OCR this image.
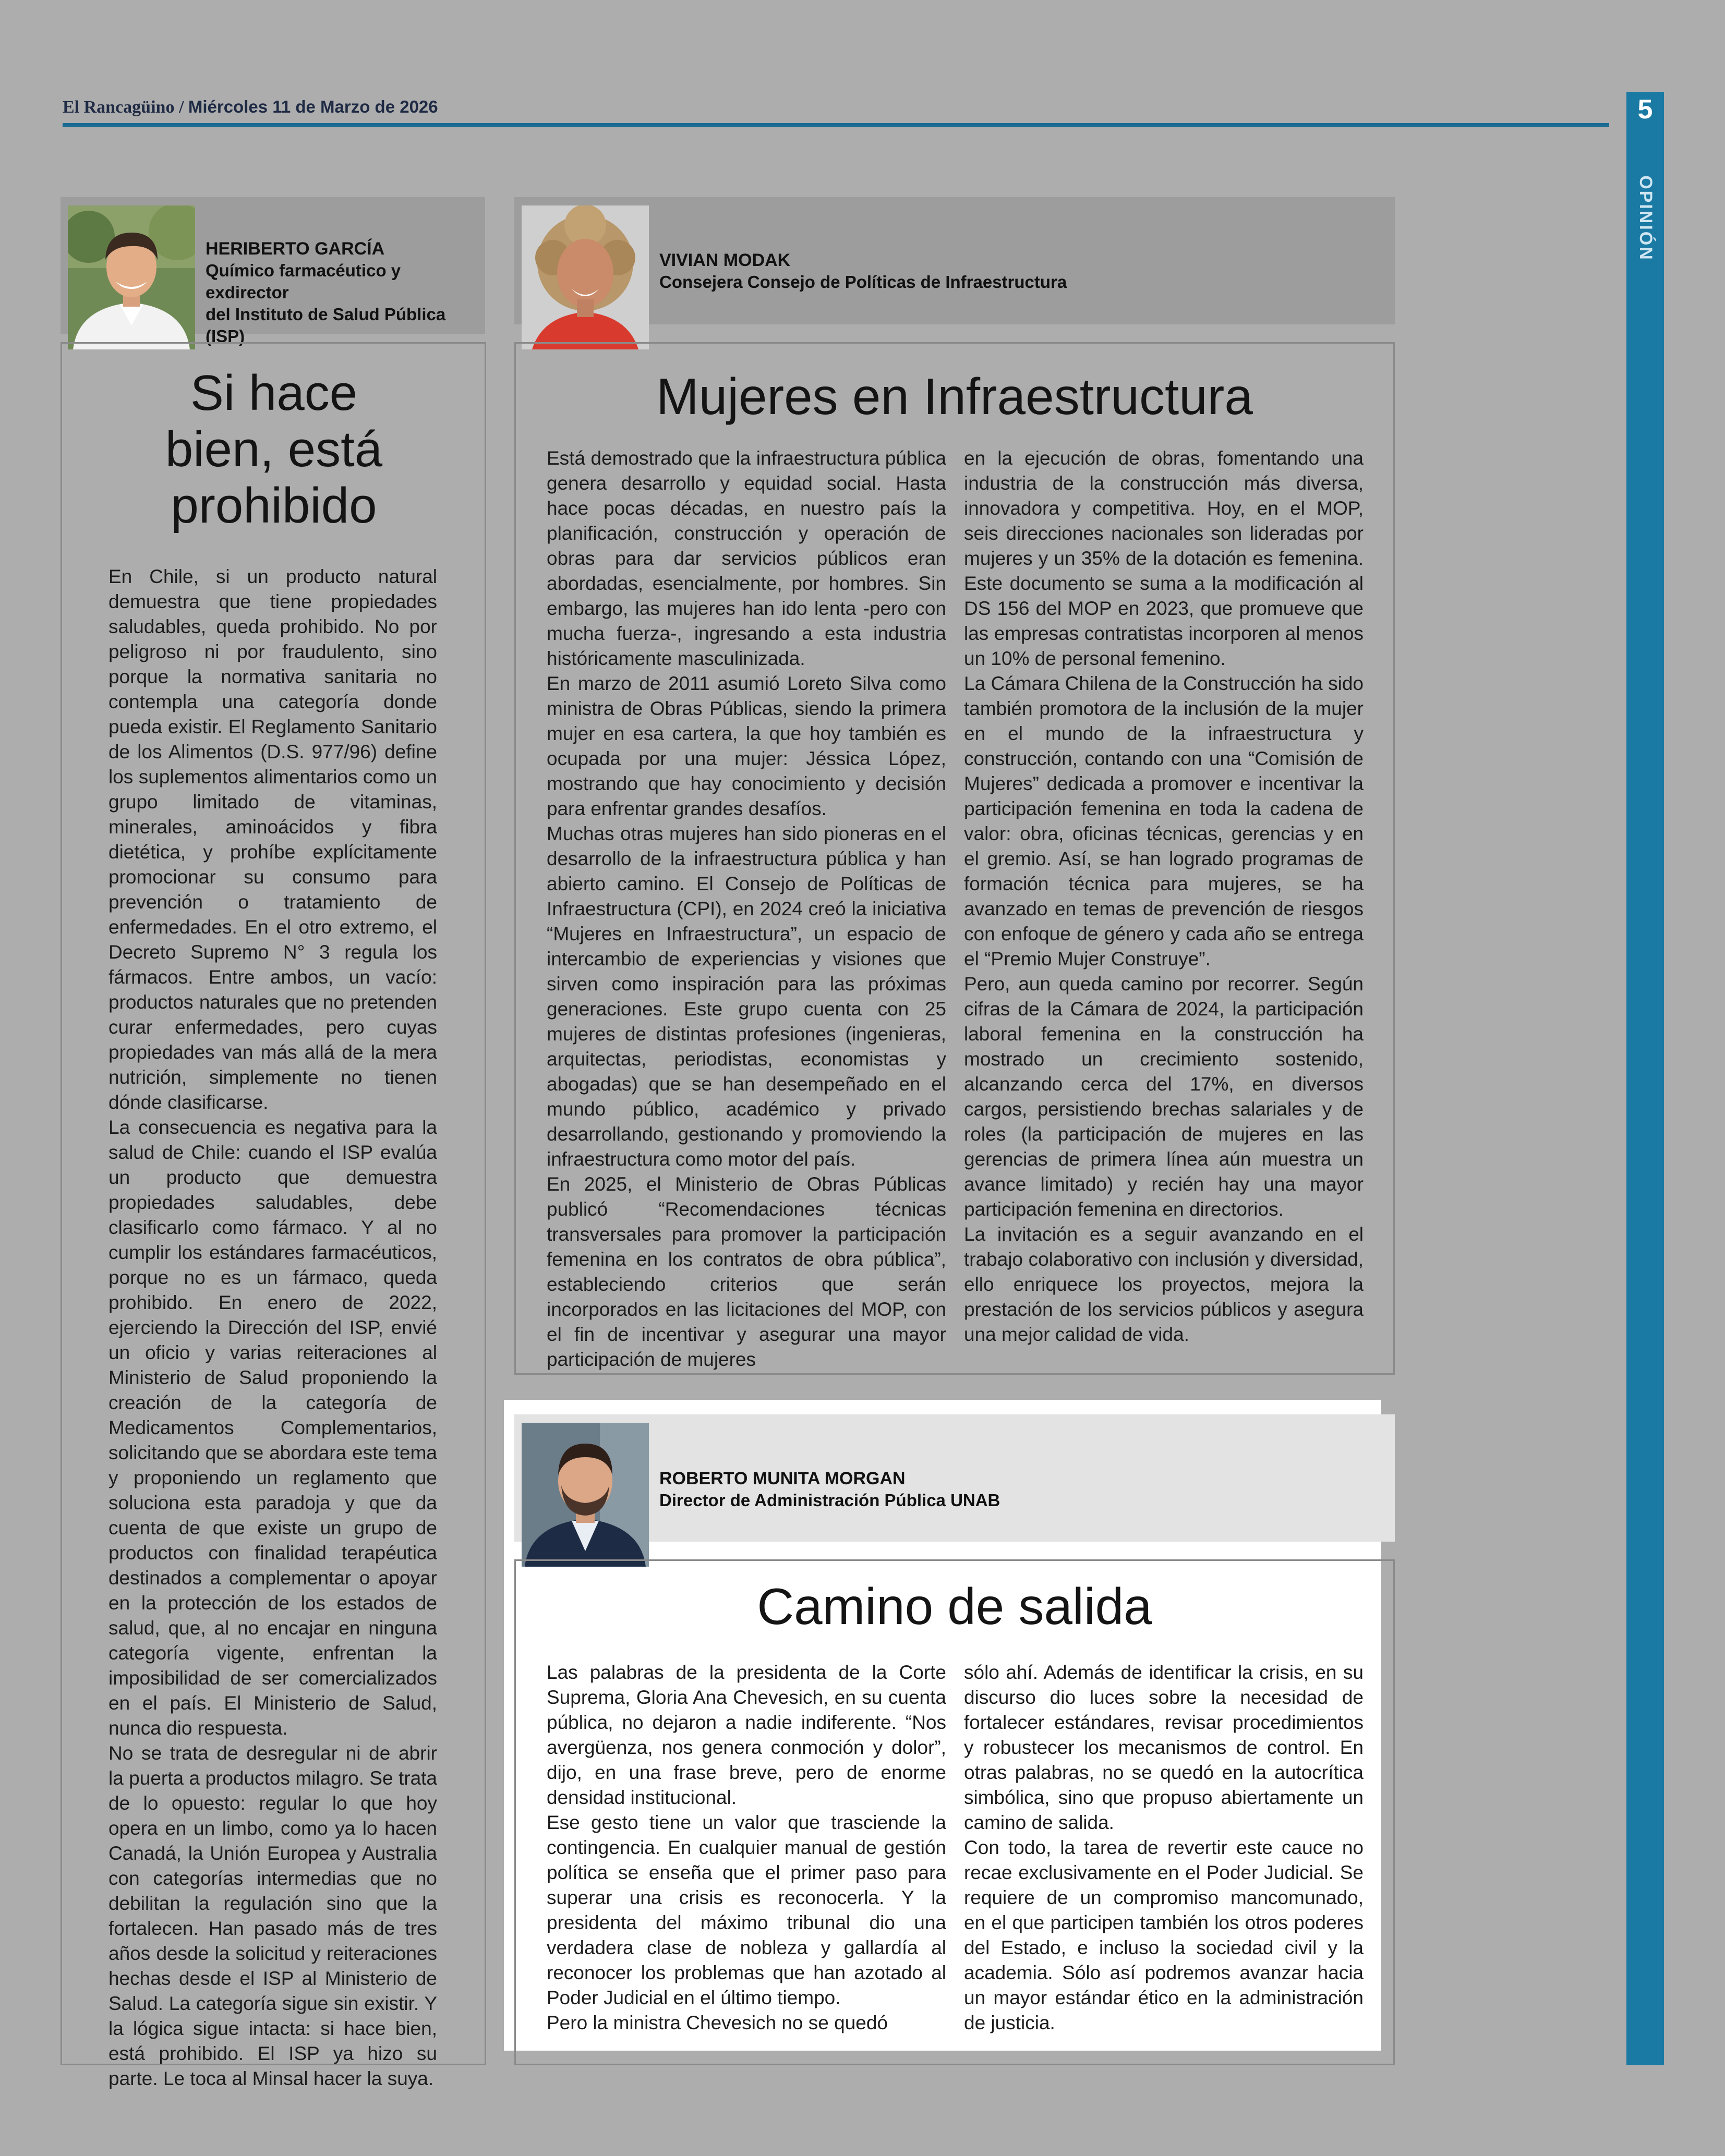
El Rancagüino / Miércoles 11 de Marzo de 2026	5
OPINIÓN
HERIBERTO GARCÍA
Químico farmacéutico y exdirector
del Instituto de Salud Pública (ISP)
Si hace
bien, está
prohibido

En Chile, si un producto natural demuestra que tiene propiedades saludables, queda prohibido. No por peligroso ni por fraudulento, sino porque la normativa sanitaria no contempla una categoría donde pueda existir. El Reglamento Sanitario de los Alimentos (D.S. 977/96) define los suplementos alimentarios como un grupo limitado de vitaminas, minerales, aminoácidos y fibra dietética, y prohíbe explícitamente promocionar su consumo para prevención o tratamiento de enfermedades. En el otro extremo, el Decreto Supremo N° 3 regula los fármacos. Entre ambos, un vacío: productos naturales que no pretenden curar enfermedades, pero cuyas propiedades van más allá de la mera nutrición, simplemente no tienen dónde clasificarse.

La consecuencia es negativa para la salud de Chile: cuando el ISP evalúa un producto que demuestra propiedades saludables, debe clasificarlo como fármaco. Y al no cumplir los estándares farmacéuticos, porque no es un fármaco, queda prohibido. En enero de 2022, ejerciendo la Dirección del ISP, envié un oficio y varias reiteraciones al Ministerio de Salud proponiendo la creación de la categoría de Medicamentos Complementarios, solicitando que se abordara este tema y proponiendo un reglamento que soluciona esta paradoja y que da cuenta de que existe un grupo de productos con finalidad terapéutica destinados a complementar o apoyar en la protección de los estados de salud, que, al no encajar en ninguna categoría vigente, enfrentan la imposibilidad de ser comercializados en el país. El Ministerio de Salud, nunca dio respuesta.

No se trata de desregular ni de abrir la puerta a productos milagro. Se trata de lo opuesto: regular lo que hoy opera en un limbo, como ya lo hacen Canadá, la Unión Europea y Australia con categorías intermedias que no debilitan la regulación sino que la fortalecen. Han pasado más de tres años desde la solicitud y reiteraciones hechas desde el ISP al Ministerio de Salud. La categoría sigue sin existir. Y la lógica sigue intacta: si hace bien, está prohibido. El ISP ya hizo su parte. Le toca al Minsal hacer la suya.

VIVIAN MODAK
Consejera Consejo de Políticas de Infraestructura
Mujeres en Infraestructura

Está demostrado que la infraestructura pública genera desarrollo y equidad social. Hasta hace pocas décadas, en nuestro país la planificación, construcción y operación de obras para dar servicios públicos eran abordadas, esencialmente, por hombres. Sin embargo, las mujeres han ido lenta -pero con mucha fuerza-, ingresando a esta industria históricamente masculinizada.

En marzo de 2011 asumió Loreto Silva como ministra de Obras Públicas, siendo la primera mujer en esa cartera, la que hoy también es ocupada por una mujer: Jéssica López, mostrando que hay conocimiento y decisión para enfrentar grandes desafíos.

Muchas otras mujeres han sido pioneras en el desarrollo de la infraestructura pública y han abierto camino. El Consejo de Políticas de Infraestructura (CPI), en 2024 creó la iniciativa “Mujeres en Infraestructura”, un espacio de intercambio de experiencias y visiones que sirven como inspiración para las próximas generaciones. Este grupo cuenta con 25 mujeres de distintas profesiones (ingenieras, arquitectas, periodistas, economistas y abogadas) que se han desempeñado en el mundo público, académico y privado desarrollando, gestionando y promoviendo la infraestructura como motor del país.

En 2025, el Ministerio de Obras Públicas publicó “Recomendaciones técnicas transversales para promover la participación femenina en los contratos de obra pública”, estableciendo criterios que serán incorporados en las licitaciones del MOP, con el fin de incentivar y asegurar una mayor participación de mujeres

en la ejecución de obras, fomentando una industria de la construcción más diversa, innovadora y competitiva. Hoy, en el MOP, seis direcciones nacionales son lideradas por mujeres y un 35% de la dotación es femenina. Este documento se suma a la modificación al DS 156 del MOP en 2023, que promueve que las empresas contratistas incorporen al menos un 10% de personal femenino.

La Cámara Chilena de la Construcción ha sido también promotora de la inclusión de la mujer en el mundo de la infraestructura y construcción, contando con una “Comisión de Mujeres” dedicada a promover e incentivar la participación femenina en toda la cadena de valor: obra, oficinas técnicas, gerencias y en el gremio. Así, se han logrado programas de formación técnica para mujeres, se ha avanzado en temas de prevención de riesgos con enfoque de género y cada año se entrega el “Premio Mujer Construye”.

Pero, aun queda camino por recorrer. Según cifras de la Cámara de 2024, la participación laboral femenina en la construcción ha mostrado un crecimiento sostenido, alcanzando cerca del 17%, en diversos cargos, persistiendo brechas salariales y de roles (la participación de mujeres en las gerencias de primera línea aún muestra un avance limitado) y recién hay una mayor participación femenina en directorios.

La invitación es a seguir avanzando en el trabajo colaborativo con inclusión y diversidad, ello enriquece los proyectos, mejora la prestación de los servicios públicos y asegura una mejor calidad de vida.

ROBERTO MUNITA MORGAN
Director de Administración Pública UNAB
Camino de salida

Las palabras de la presidenta de la Corte Suprema, Gloria Ana Chevesich, en su cuenta pública, no dejaron a nadie indiferente. “Nos avergüenza, nos genera conmoción y dolor”, dijo, en una frase breve, pero de enorme densidad institucional.

Ese gesto tiene un valor que trasciende la contingencia. En cualquier manual de gestión política se enseña que el primer paso para superar una crisis es reconocerla. Y la presidenta del máximo tribunal dio una verdadera clase de nobleza y gallardía al reconocer los problemas que han azotado al Poder Judicial en el último tiempo.

Pero la ministra Chevesich no se quedó

sólo ahí. Además de identificar la crisis, en su discurso dio luces sobre la necesidad de fortalecer estándares, revisar procedimientos y robustecer los mecanismos de control. En otras palabras, no se quedó en la autocrítica simbólica, sino que propuso abiertamente un camino de salida.

Con todo, la tarea de revertir este cauce no recae exclusivamente en el Poder Judicial. Se requiere de un compromiso mancomunado, en el que participen también los otros poderes del Estado, e incluso la sociedad civil y la academia. Sólo así podremos avanzar hacia un mayor estándar ético en la administración de justicia.
